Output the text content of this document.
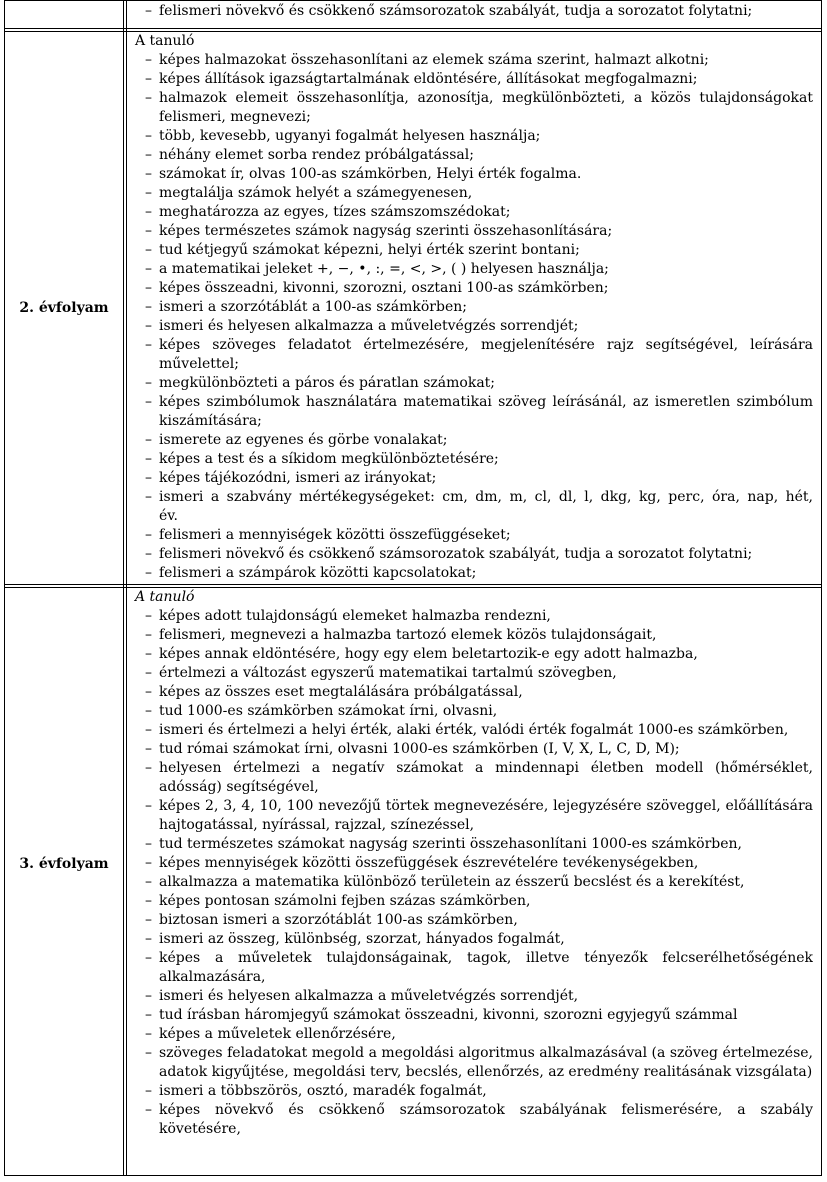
– felismeri növekvő és csökkenő számsorozatok szabályát, tudja a sorozatot folytatni;
2. évfolyam
A tanuló
– képes halmazokat összehasonlítani az elemek száma szerint, halmazt alkotni;
– képes állítások igazságtartalmának eldöntésére, állításokat megfogalmazni;
– halmazok elemeit összehasonlítja, azonosítja, megkülönbözteti, a közös tulajdonságokat
felismeri, megnevezi;
– több, kevesebb, ugyanyi fogalmát helyesen használja;
– néhány elemet sorba rendez próbálgatással;
– számokat ír, olvas 100-as számkörben, Helyi érték fogalma.
– megtalálja számok helyét a számegyenesen,
– meghatározza az egyes, tízes számszomszédokat;
– képes természetes számok nagyság szerinti összehasonlítására;
– tud kétjegyű számokat képezni, helyi érték szerint bontani;
– a matematikai jeleket +, −, •, :, =, <, >, ( ) helyesen használja;
– képes összeadni, kivonni, szorozni, osztani 100-as számkörben;
– ismeri a szorzótáblát a 100-as számkörben;
– ismeri és helyesen alkalmazza a műveletvégzés sorrendjét;
– képes szöveges feladatot értelmezésére, megjelenítésére rajz segítségével, leírására
művelettel;
– megkülönbözteti a páros és páratlan számokat;
– képes szimbólumok használatára matematikai szöveg leírásánál, az ismeretlen szimbólum
kiszámítására;
– ismerete az egyenes és görbe vonalakat;
– képes a test és a síkidom megkülönböztetésére;
– képes tájékozódni, ismeri az irányokat;
– ismeri a szabvány mértékegységeket: cm, dm, m, cl, dl, l, dkg, kg, perc, óra, nap, hét,
év.
– felismeri a mennyiségek közötti összefüggéseket;
– felismeri növekvő és csökkenő számsorozatok szabályát, tudja a sorozatot folytatni;
– felismeri a számpárok közötti kapcsolatokat;
3. évfolyam
A tanuló
– képes adott tulajdonságú elemeket halmazba rendezni,
– felismeri, megnevezi a halmazba tartozó elemek közös tulajdonságait,
– képes annak eldöntésére, hogy egy elem beletartozik-e egy adott halmazba,
– értelmezi a változást egyszerű matematikai tartalmú szövegben,
– képes az összes eset megtalálására próbálgatással,
– tud 1000-es számkörben számokat írni, olvasni,
– ismeri és értelmezi a helyi érték, alaki érték, valódi érték fogalmát 1000-es számkörben,
– tud római számokat írni, olvasni 1000-es számkörben (I, V, X, L, C, D, M);
– helyesen értelmezi a negatív számokat a mindennapi életben modell (hőmérséklet,
adósság) segítségével,
– képes 2, 3, 4, 10, 100 nevezőjű törtek megnevezésére, lejegyzésére szöveggel, előállítására
hajtogatással, nyírással, rajzzal, színezéssel,
– tud természetes számokat nagyság szerinti összehasonlítani 1000-es számkörben,
– képes mennyiségek közötti összefüggések észrevételére tevékenységekben,
– alkalmazza a matematika különböző területein az ésszerű becslést és a kerekítést,
– képes pontosan számolni fejben százas számkörben,
– biztosan ismeri a szorzótáblát 100-as számkörben,
– ismeri az összeg, különbség, szorzat, hányados fogalmát,
– képes a műveletek tulajdonságainak, tagok, illetve tényezők felcserélhetőségének
alkalmazására,
– ismeri és helyesen alkalmazza a műveletvégzés sorrendjét,
– tud írásban háromjegyű számokat összeadni, kivonni, szorozni egyjegyű számmal
– képes a műveletek ellenőrzésére,
– szöveges feladatokat megold a megoldási algoritmus alkalmazásával (a szöveg értelmezése,
adatok kigyűjtése, megoldási terv, becslés, ellenőrzés, az eredmény realitásának vizsgálata)
– ismeri a többszörös, osztó, maradék fogalmát,
– képes növekvő és csökkenő számsorozatok szabályának felismerésére, a szabály
követésére,
